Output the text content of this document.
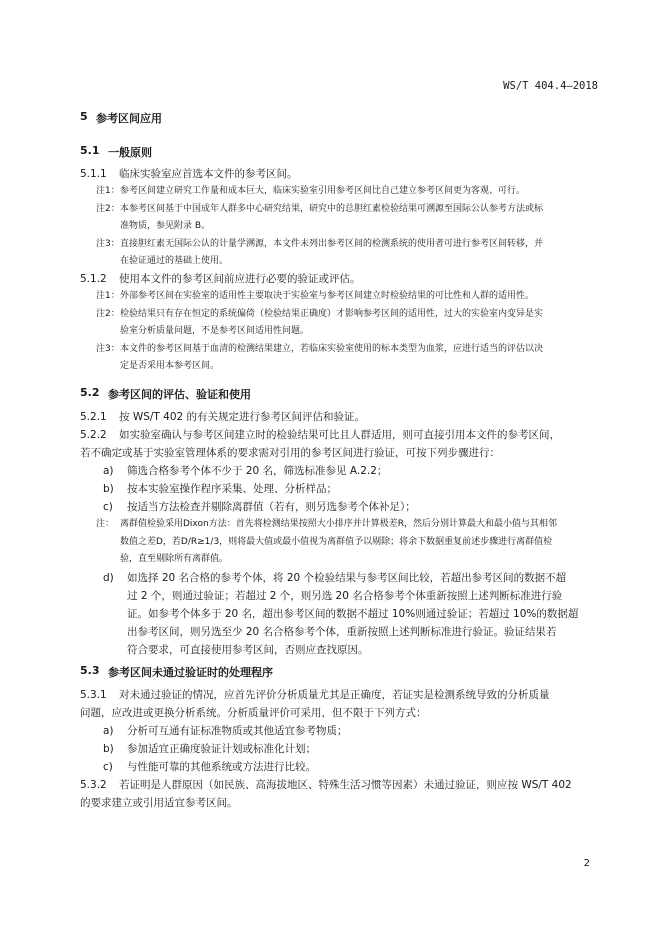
WS/T 404.4—2018
5 参考区间应用
5.1 一般原则
5.1.1 临床实验室应首选本文件的参考区间。
注1： 参考区间建立研究工作量和成本巨大，临床实验室引用参考区间比自己建立参考区间更为客观、可行。
注2： 本参考区间基于中国成年人群多中心研究结果，研究中的总胆红素检验结果可溯源至国际公认参考方法或标
准物质，参见附录 B。
注3： 直接胆红素无国际公认的计量学溯源，本文件未列出参考区间的检测系统的使用者可进行参考区间转移，并
在验证通过的基础上使用。
5.1.2 使用本文件的参考区间前应进行必要的验证或评估。
注1： 外部参考区间在实验室的适用性主要取决于实验室与参考区间建立时检验结果的可比性和人群的适用性。
注2： 检验结果只有存在恒定的系统偏倚（检验结果正确度）才影响参考区间的适用性，过大的实验室内变异是实
验室分析质量问题，不是参考区间适用性问题。
注3： 本文件的参考区间基于血清的检测结果建立，若临床实验室使用的标本类型为血浆，应进行适当的评估以决
定是否采用本参考区间。
5.2 参考区间的评估、验证和使用
5.2.1 按 WS/T 402 的有关规定进行参考区间评估和验证。
5.2.2 如实验室确认与参考区间建立时的检验结果可比且人群适用，则可直接引用本文件的参考区间，
若不确定或基于实验室管理体系的要求需对引用的参考区间进行验证，可按下列步骤进行：
a) 筛选合格参考个体不少于 20 名，筛选标准参见 A.2.2；
b) 按本实验室操作程序采集、处理、分析样品；
c) 按适当方法检查并剔除离群值（若有，则另选参考个体补足）；
注： 离群值检验采用Dixon方法：首先将检测结果按照大小排序并计算极差R，然后分别计算最大和最小值与其相邻
数值之差D，若D/R≥1/3，则将最大值或最小值视为离群值予以剔除；将余下数据重复前述步骤进行离群值检
验，直至剔除所有离群值。
d) 如选择 20 名合格的参考个体，将 20 个检验结果与参考区间比较，若超出参考区间的数据不超
过 2 个，则通过验证；若超过 2 个，则另选 20 名合格参考个体重新按照上述判断标准进行验
证。如参考个体多于 20 名，超出参考区间的数据不超过 10%则通过验证；若超过 10%的数据超
出参考区间，则另选至少 20 名合格参考个体，重新按照上述判断标准进行验证。验证结果若
符合要求，可直接使用参考区间，否则应查找原因。
5.3 参考区间未通过验证时的处理程序
5.3.1 对未通过验证的情况，应首先评价分析质量尤其是正确度，若证实是检测系统导致的分析质量
问题，应改进或更换分析系统。分析质量评价可采用，但不限于下列方式：
a) 分析可互通有证标准物质或其他适宜参考物质；
b) 参加适宜正确度验证计划或标准化计划；
c) 与性能可靠的其他系统或方法进行比较。
5.3.2 若证明是人群原因（如民族、高海拔地区、特殊生活习惯等因素）未通过验证，则应按 WS/T 402
的要求建立或引用适宜参考区间。
2
